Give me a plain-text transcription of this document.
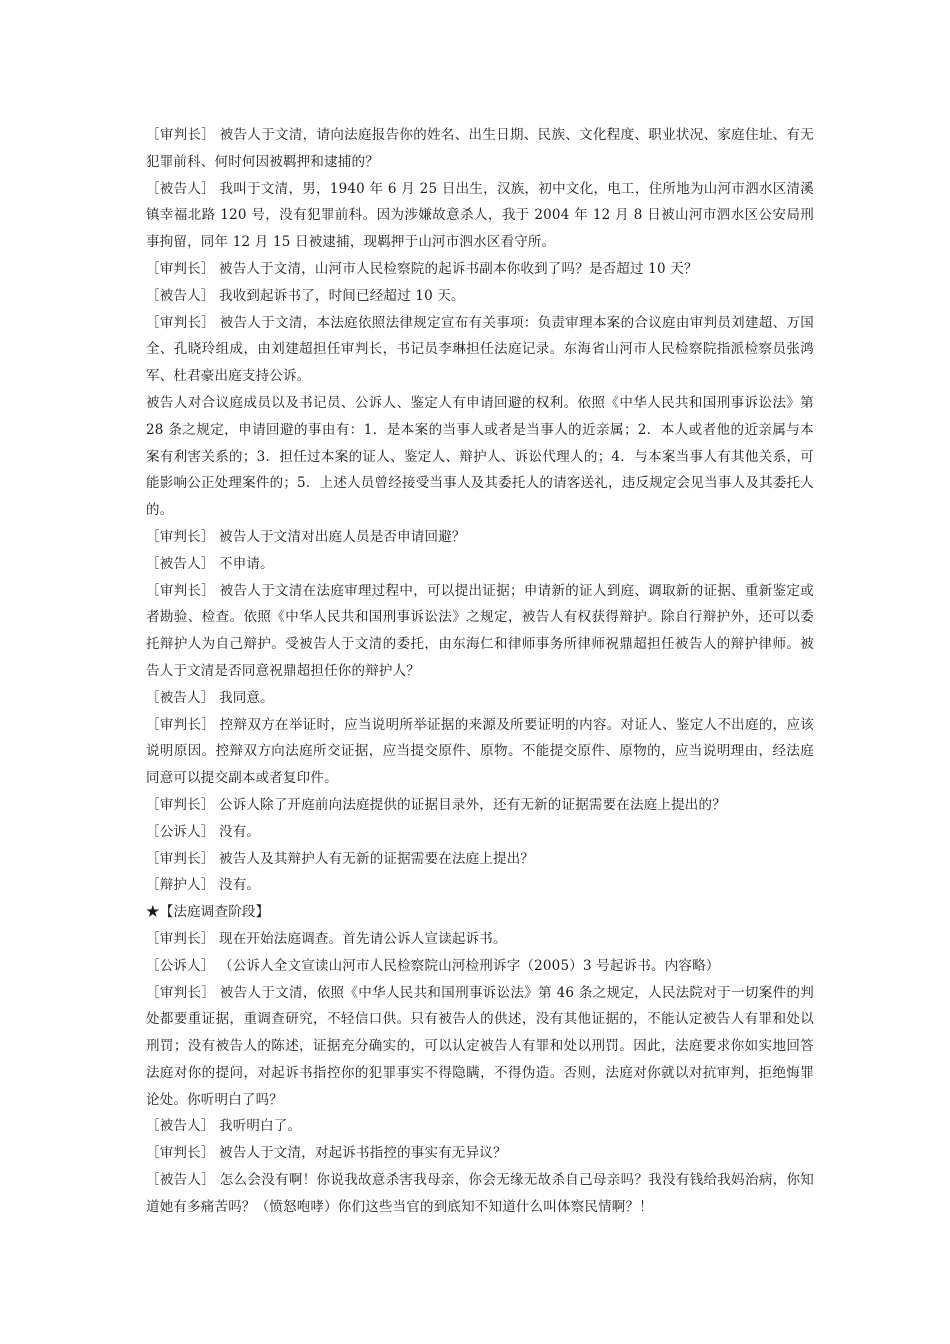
［审判长］ 被告人于文清，请向法庭报告你的姓名、出生日期、民族、文化程度、职业状况、家庭住址、有无犯罪前科、何时何因被羁押和逮捕的？

［被告人］ 我叫于文清，男，1940 年 6 月 25 日出生，汉族，初中文化，电工，住所地为山河市泗水区清溪镇幸福北路 120 号，没有犯罪前科。因为涉嫌故意杀人，我于 2004 年 12 月 8 日被山河市泗水区公安局刑事拘留，同年 12 月 15 日被逮捕，现羁押于山河市泗水区看守所。

［审判长］ 被告人于文清，山河市人民检察院的起诉书副本你收到了吗？是否超过 10 天？

［被告人］ 我收到起诉书了，时间已经超过 10 天。

［审判长］ 被告人于文清，本法庭依照法律规定宣布有关事项：负责审理本案的合议庭由审判员刘建超、万国全、孔晓玲组成，由刘建超担任审判长，书记员李琳担任法庭记录。东海省山河市人民检察院指派检察员张鸿军、杜君豪出庭支持公诉。

被告人对合议庭成员以及书记员、公诉人、鉴定人有申请回避的权利。依照《中华人民共和国刑事诉讼法》第 28 条之规定，申请回避的事由有：1．是本案的当事人或者是当事人的近亲属；2．本人或者他的近亲属与本案有利害关系的；3．担任过本案的证人、鉴定人、辩护人、诉讼代理人的；4．与本案当事人有其他关系，可能影响公正处理案件的；5．上述人员曾经接受当事人及其委托人的请客送礼，违反规定会见当事人及其委托人的。

［审判长］ 被告人于文清对出庭人员是否申请回避？

［被告人］ 不申请。

［审判长］ 被告人于文清在法庭审理过程中，可以提出证据；申请新的证人到庭、调取新的证据、重新鉴定或者勘验、检查。依照《中华人民共和国刑事诉讼法》之规定，被告人有权获得辩护。除自行辩护外，还可以委托辩护人为自己辩护。受被告人于文清的委托，由东海仁和律师事务所律师祝鼎超担任被告人的辩护律师。被告人于文清是否同意祝鼎超担任你的辩护人？

［被告人］ 我同意。

［审判长］ 控辩双方在举证时，应当说明所举证据的来源及所要证明的内容。对证人、鉴定人不出庭的，应该说明原因。控辩双方向法庭所交证据，应当提交原件、原物。不能提交原件、原物的，应当说明理由，经法庭同意可以提交副本或者复印件。

［审判长］ 公诉人除了开庭前向法庭提供的证据目录外，还有无新的证据需要在法庭上提出的？

［公诉人］ 没有。

［审判长］ 被告人及其辩护人有无新的证据需要在法庭上提出？

［辩护人］ 没有。

★【法庭调查阶段】

［审判长］ 现在开始法庭调查。首先请公诉人宣读起诉书。

［公诉人］ （公诉人全文宣读山河市人民检察院山河检刑诉字（2005）3 号起诉书。内容略）

［审判长］ 被告人于文清，依照《中华人民共和国刑事诉讼法》第 46 条之规定，人民法院对于一切案件的判处都要重证据，重调查研究，不轻信口供。只有被告人的供述，没有其他证据的，不能认定被告人有罪和处以刑罚；没有被告人的陈述，证据充分确实的，可以认定被告人有罪和处以刑罚。因此，法庭要求你如实地回答法庭对你的提问，对起诉书指控你的犯罪事实不得隐瞒，不得伪造。否则，法庭对你就以对抗审判，拒绝悔罪论处。你听明白了吗？

［被告人］ 我听明白了。

［审判长］ 被告人于文清，对起诉书指控的事实有无异议？

［被告人］ 怎么会没有啊！你说我故意杀害我母亲，你会无缘无故杀自己母亲吗？我没有钱给我妈治病，你知道她有多痛苦吗？（愤怒咆哮）你们这些当官的到底知不知道什么叫体察民情啊？！
